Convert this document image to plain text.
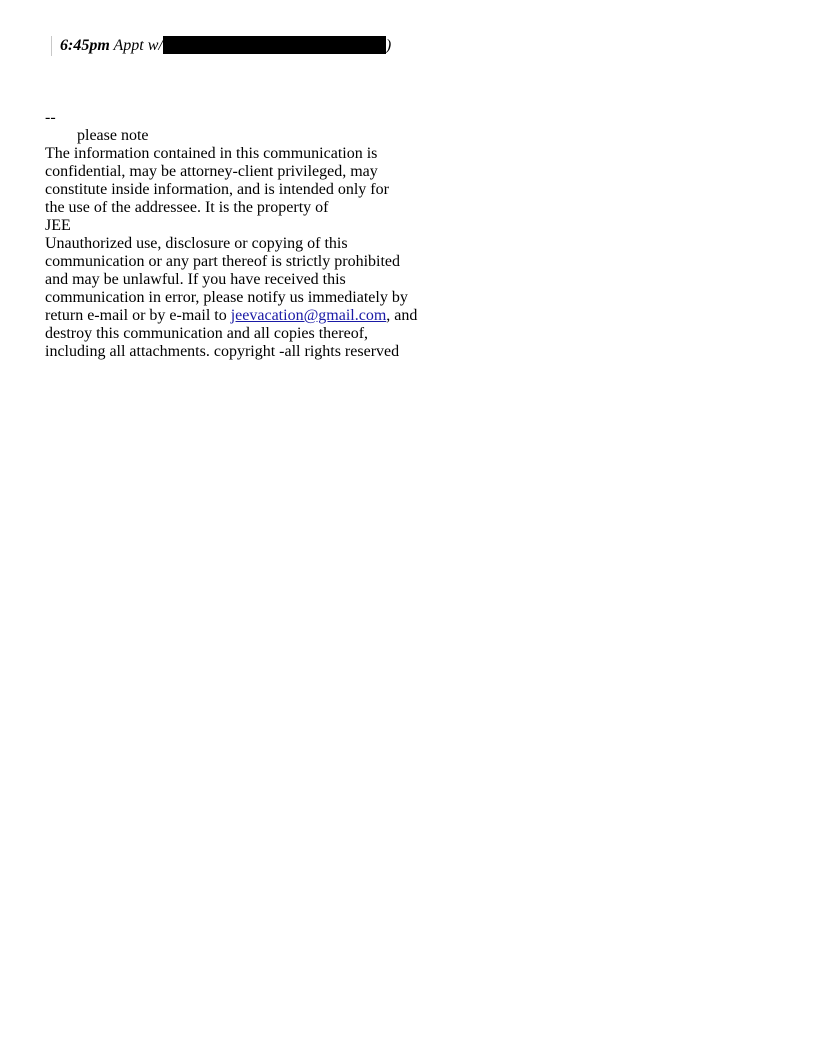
6:45pm Appt w/	)
--
please note
The information contained in this communication is
confidential, may be attorney-client privileged, may
constitute inside information, and is intended only for
the use of the addressee. It is the property of
JEE
Unauthorized use, disclosure or copying of this
communication or any part thereof is strictly prohibited
and may be unlawful. If you have received this
communication in error, please notify us immediately by
return e-mail or by e-mail to jeevacation@gmail.com, and
destroy this communication and all copies thereof,
including all attachments. copyright -all rights reserved
